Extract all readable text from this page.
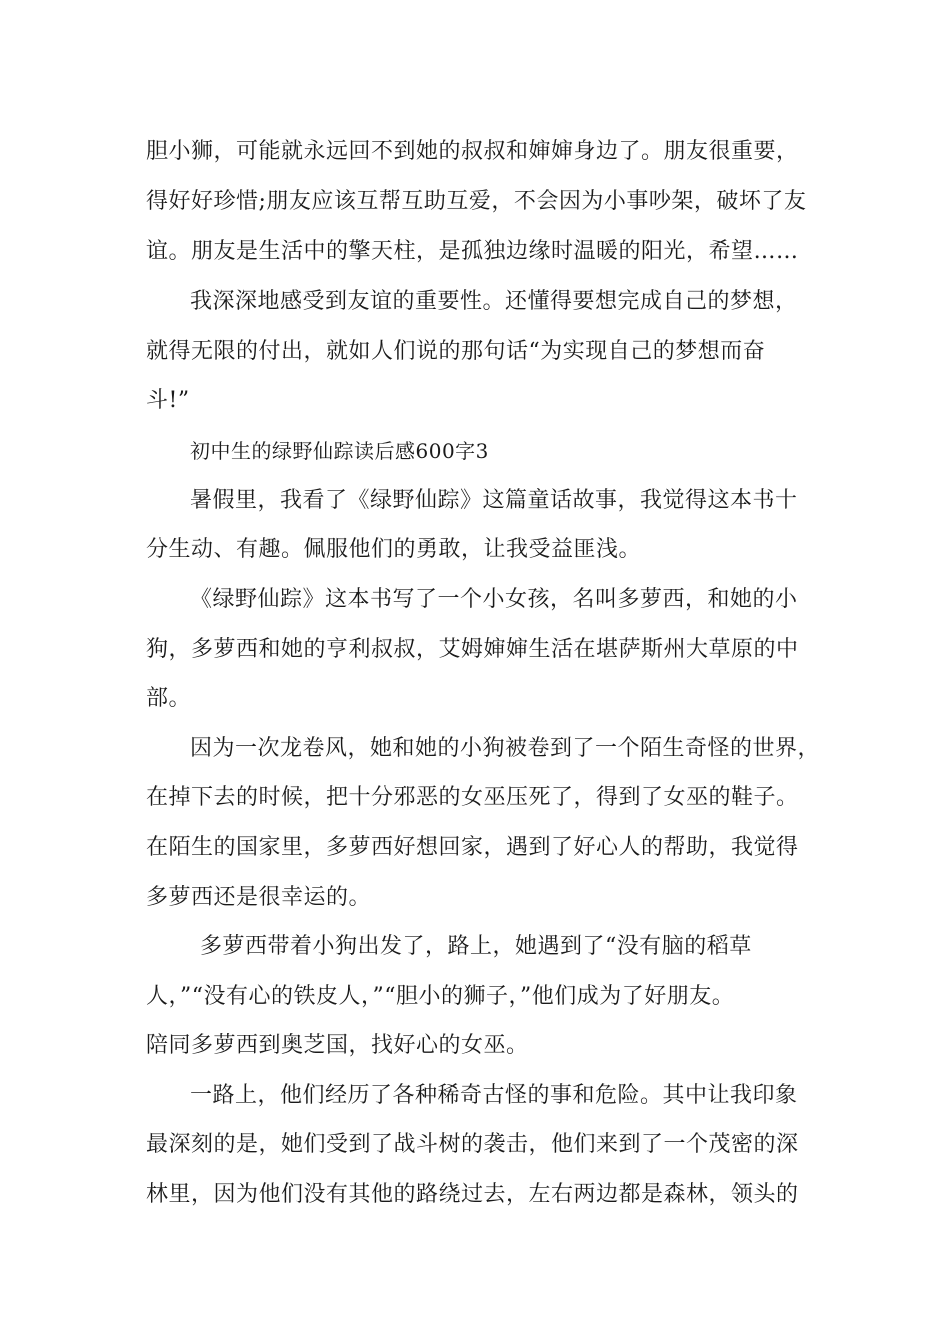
胆小狮，可能就永远回不到她的叔叔和婶婶身边了。朋友很重要，
得好好珍惜;朋友应该互帮互助互爱，不会因为小事吵架，破坏了友
谊。朋友是生活中的擎天柱，是孤独边缘时温暖的阳光，希望……
我深深地感受到友谊的重要性。还懂得要想完成自己的梦想，
就得无限的付出，就如人们说的那句话“为实现自己的梦想而奋
斗!”
初中生的绿野仙踪读后感600字3
暑假里，我看了《绿野仙踪》这篇童话故事，我觉得这本书十
分生动、有趣。佩服他们的勇敢，让我受益匪浅。
《绿野仙踪》这本书写了一个小女孩，名叫多萝西，和她的小
狗，多萝西和她的亨利叔叔，艾姆婶婶生活在堪萨斯州大草原的中
部。
因为一次龙卷风，她和她的小狗被卷到了一个陌生奇怪的世界，
在掉下去的时候，把十分邪恶的女巫压死了，得到了女巫的鞋子。
在陌生的国家里，多萝西好想回家，遇到了好心人的帮助，我觉得
多萝西还是很幸运的。
多萝西带着小狗出发了，路上，她遇到了“没有脑的稻草
人，”“没有心的铁皮人，”“胆小的狮子，”他们成为了好朋友。
陪同多萝西到奥芝国，找好心的女巫。
一路上，他们经历了各种稀奇古怪的事和危险。其中让我印象
最深刻的是，她们受到了战斗树的袭击，他们来到了一个茂密的深
林里，因为他们没有其他的路绕过去，左右两边都是森林，领头的
